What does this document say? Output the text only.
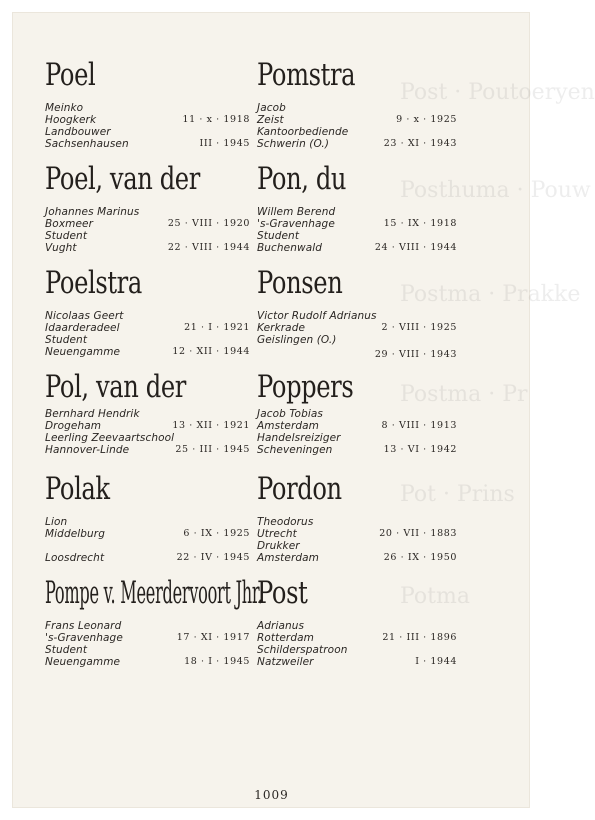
Post · Poutoeryen
Posthuma · Pouw
Postma · Prakke
Postma · Pr
Pot · Prins
Potma
Poel
Meinko
Hoogkerk	11 · x · 1918
Landbouwer
Sachsenhausen	III · 1945
Poel, van der
Johannes Marinus
Boxmeer	25 · VIII · 1920
Student
Vught	22 · VIII · 1944
Poelstra
Nicolaas Geert
Idaarderadeel	21 · I · 1921
Student
Neuengamme	12 · XII · 1944
Pol, van der
Bernhard Hendrik
Drogeham	13 · XII · 1921
Leerling Zeevaartschool
Hannover-Linde	25 · III · 1945
Polak
Lion
Middelburg	6 · IX · 1925
Loosdrecht	22 · IV · 1945
Pompe v. Meerdervoort Jhr.
Frans Leonard
's-Gravenhage	17 · XI · 1917
Student
Neuengamme	18 · I · 1945
Pomstra
Jacob
Zeist	9 · x · 1925
Kantoorbediende
Schwerin (O.)	23 · XI · 1943
Pon, du
Willem Berend
's-Gravenhage	15 · IX · 1918
Student
Buchenwald	24 · VIII · 1944
Ponsen
Victor Rudolf Adrianus
Kerkrade	2 · VIII · 1925
Geislingen (O.)
29 · VIII · 1943
Poppers
Jacob Tobias
Amsterdam	8 · VIII · 1913
Handelsreiziger
Scheveningen	13 · VI · 1942
Pordon
Theodorus
Utrecht	20 · VII · 1883
Drukker
Amsterdam	26 · IX · 1950
Post
Adrianus
Rotterdam	21 · III · 1896
Schilderspatroon
Natzweiler	I · 1944
1009
